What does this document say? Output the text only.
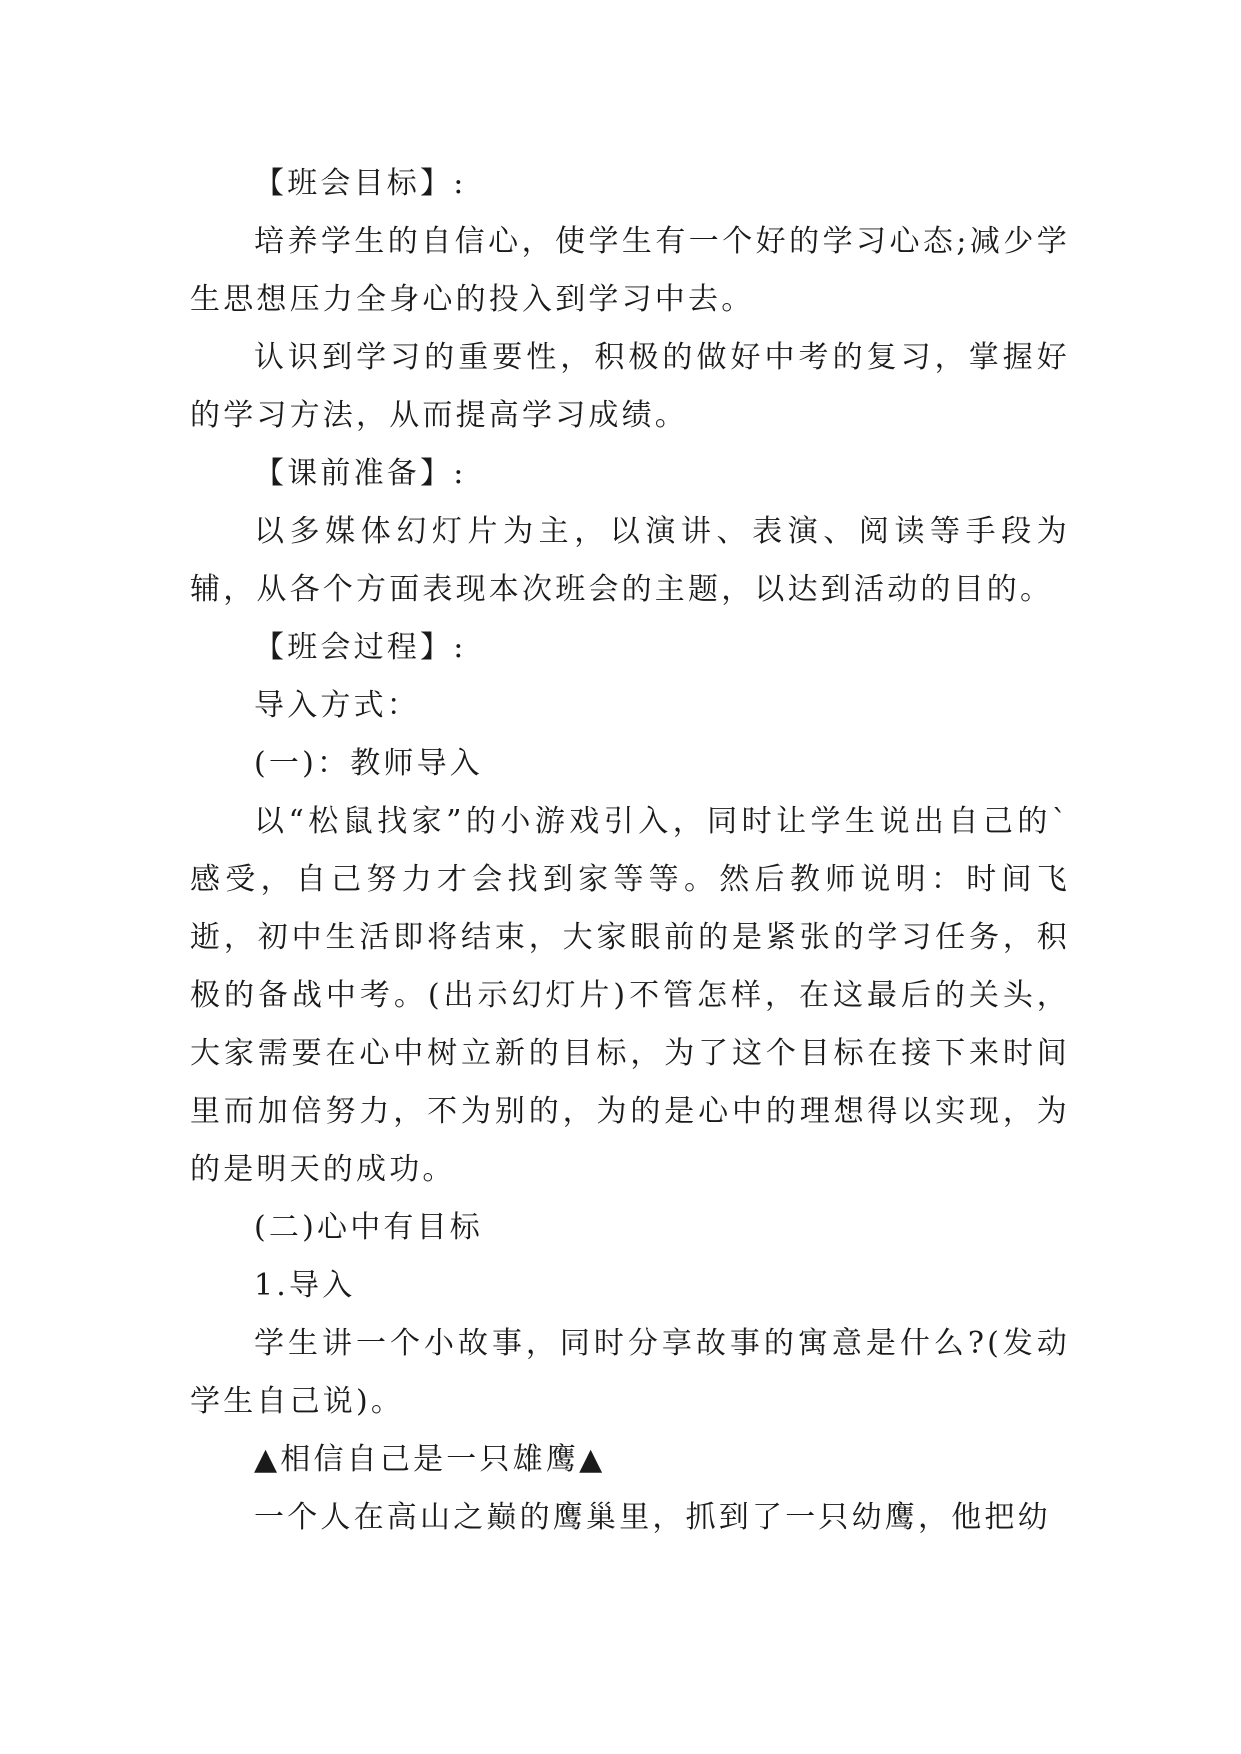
【班会目标】:

培养学生的自信心，使学生有一个好的学习心态;减少学生思想压力全身心的投入到学习中去。

认识到学习的重要性，积极的做好中考的复习，掌握好的学习方法，从而提高学习成绩。

【课前准备】:

以多媒体幻灯片为主，以演讲、表演、阅读等手段为辅，从各个方面表现本次班会的主题，以达到活动的目的。

【班会过程】:

导入方式：

(一)：教师导入

以“松鼠找家”的小游戏引入，同时让学生说出自己的`感受，自己努力才会找到家等等。然后教师说明：时间飞逝，初中生活即将结束，大家眼前的是紧张的学习任务，积极的备战中考。(出示幻灯片)不管怎样，在这最后的关头，大家需要在心中树立新的目标，为了这个目标在接下来时间里而加倍努力，不为别的，为的是心中的理想得以实现，为的是明天的成功。

(二)心中有目标

1.导入

学生讲一个小故事，同时分享故事的寓意是什么?(发动学生自己说)。

▲相信自己是一只雄鹰▲

一个人在高山之巅的鹰巢里，抓到了一只幼鹰，他把幼
